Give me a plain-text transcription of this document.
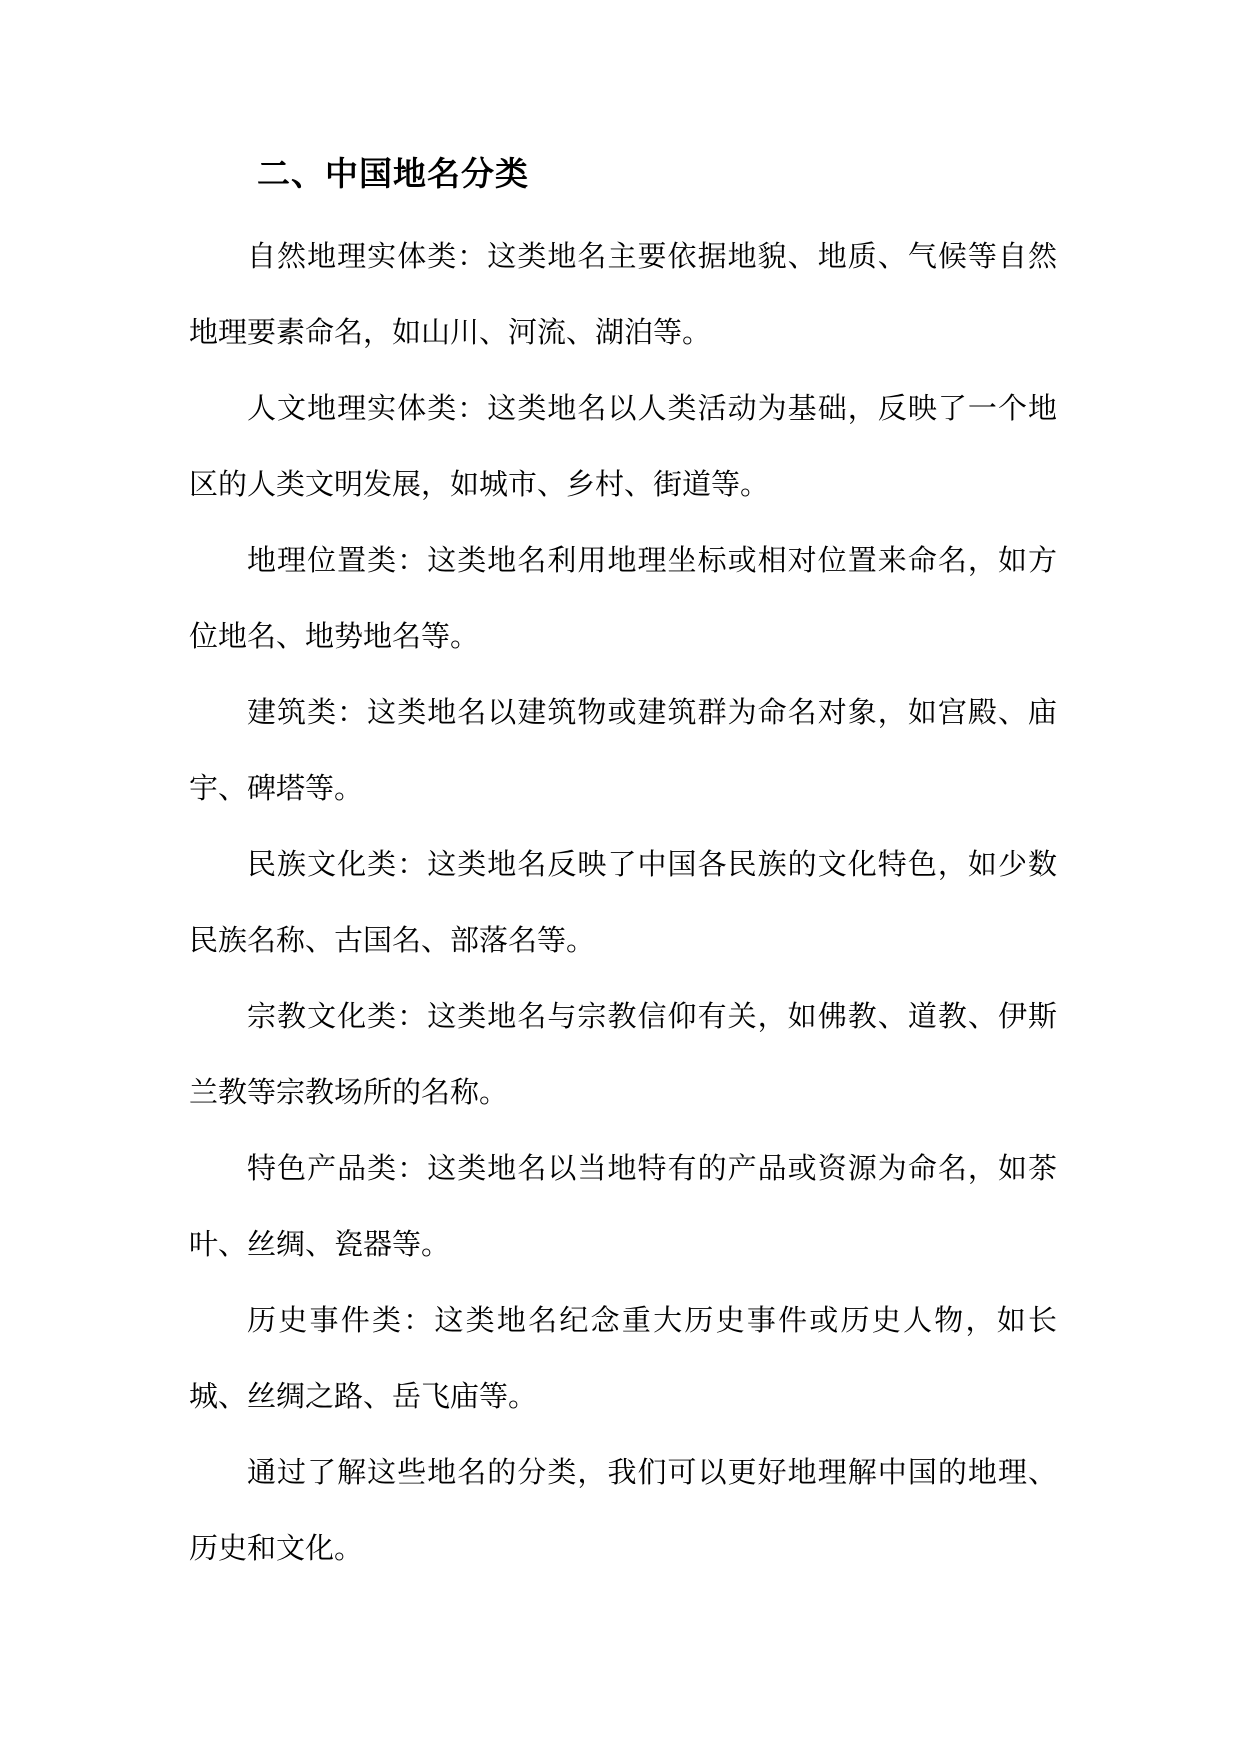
二、中国地名分类

自然地理实体类：这类地名主要依据地貌、地质、气候等自然地理要素命名，如山川、河流、湖泊等。

人文地理实体类：这类地名以人类活动为基础，反映了一个地区的人类文明发展，如城市、乡村、街道等。

地理位置类：这类地名利用地理坐标或相对位置来命名，如方位地名、地势地名等。

建筑类：这类地名以建筑物或建筑群为命名对象，如宫殿、庙宇、碑塔等。

民族文化类：这类地名反映了中国各民族的文化特色，如少数民族名称、古国名、部落名等。

宗教文化类：这类地名与宗教信仰有关，如佛教、道教、伊斯兰教等宗教场所的名称。

特色产品类：这类地名以当地特有的产品或资源为命名，如茶叶、丝绸、瓷器等。

历史事件类：这类地名纪念重大历史事件或历史人物，如长城、丝绸之路、岳飞庙等。

通过了解这些地名的分类，我们可以更好地理解中国的地理、历史和文化。
